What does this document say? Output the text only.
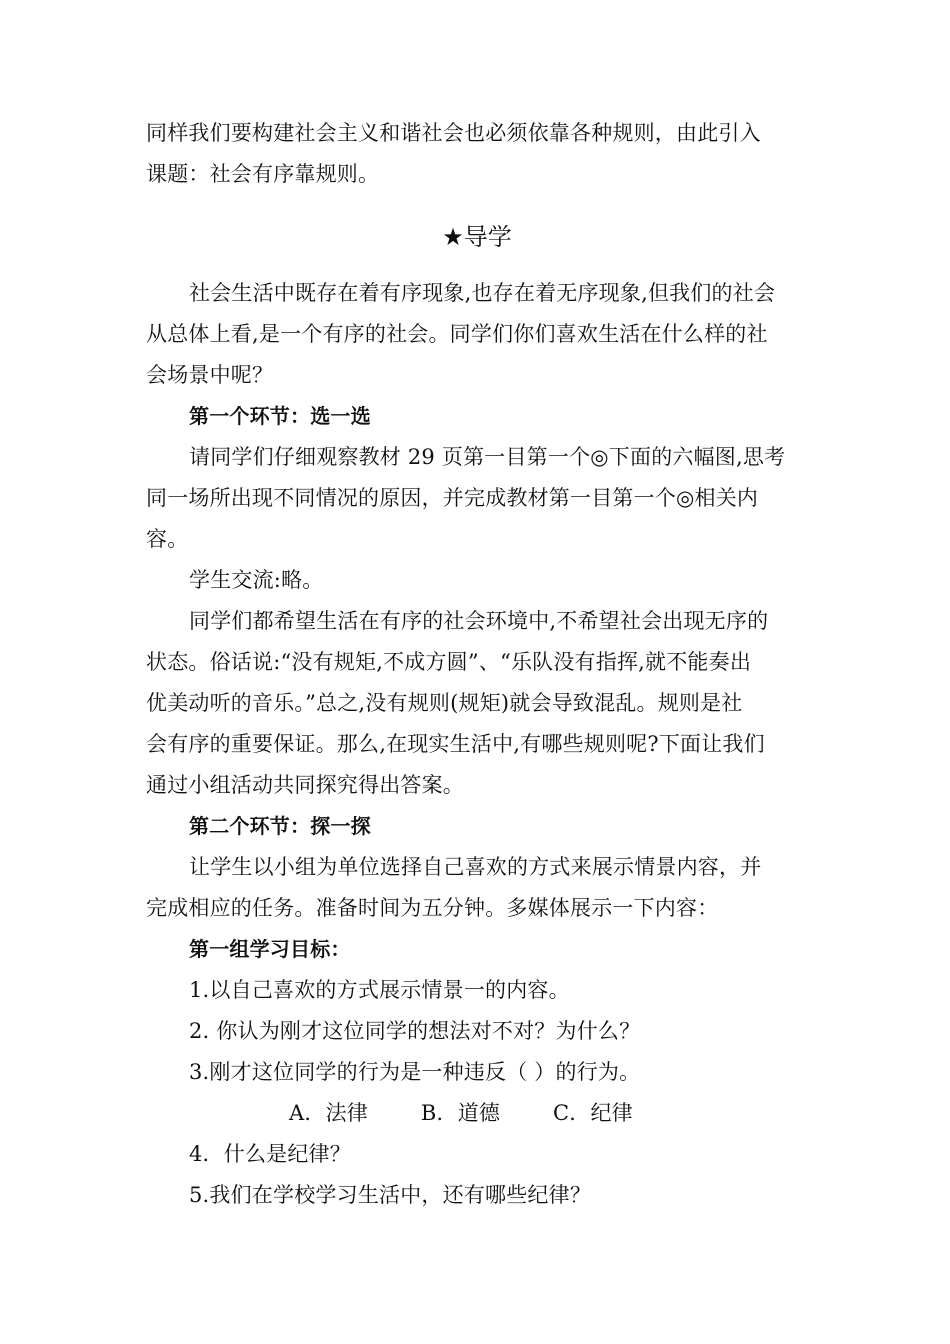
同样我们要构建社会主义和谐社会也必须依靠各种规则，由此引入
课题：社会有序靠规则。
★导学
社会生活中既存在着有序现象,也存在着无序现象,但我们的社会
从总体上看,是一个有序的社会。同学们你们喜欢生活在什么样的社
会场景中呢？
第一个环节：选一选
请同学们仔细观察教材 29 页第一目第一个◎下面的六幅图,思考
同一场所出现不同情况的原因，并完成教材第一目第一个◎相关内
容。
学生交流:略。
同学们都希望生活在有序的社会环境中,不希望社会出现无序的
状态。俗话说:“没有规矩,不成方圆”、“乐队没有指挥,就不能奏出
优美动听的音乐。”总之,没有规则(规矩)就会导致混乱。规则是社
会有序的重要保证。那么,在现实生活中,有哪些规则呢?下面让我们
通过小组活动共同探究得出答案。
第二个环节：探一探
让学生以小组为单位选择自己喜欢的方式来展示情景内容，并
完成相应的任务。准备时间为五分钟。多媒体展示一下内容：
第一组学习目标：
1.以自己喜欢的方式展示情景一的内容。
2. 你认为刚才这位同学的想法对不对？为什么？
3.刚才这位同学的行为是一种违反（ ）的行为。
A．法律	B．道德	C．纪律
4．什么是纪律？
5.我们在学校学习生活中，还有哪些纪律？
